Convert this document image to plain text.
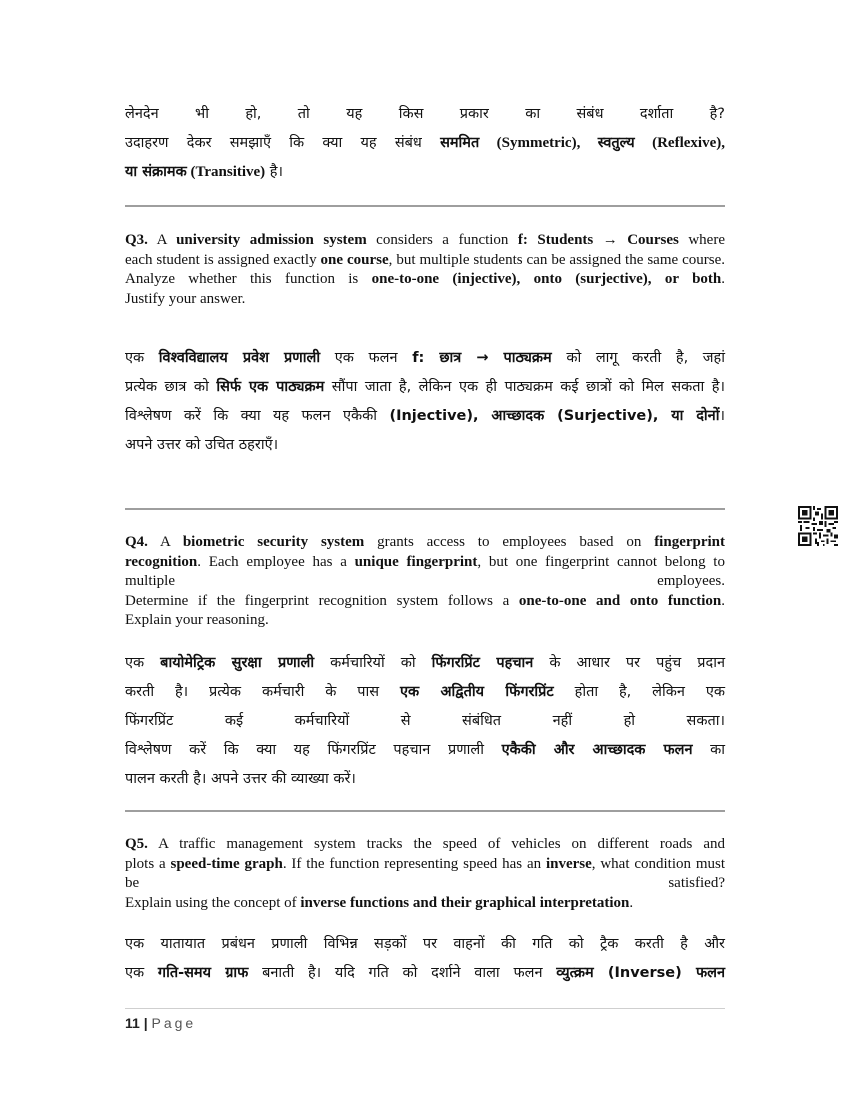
लेनदेन भी हो, तो यह किस प्रकार का संबंध दर्शाता है?
उदाहरण देकर समझाएँ कि क्या यह संबंध सममित (Symmetric), स्वतुल्य (Reflexive),
या संक्रामक (Transitive) है।
Q3. A university admission system considers a function f: Students → Courses where
each student is assigned exactly one course, but multiple students can be assigned the same course.
Analyze whether this function is one-to-one (injective), onto (surjective), or both.
Justify your answer.
एक विश्वविद्यालय प्रवेश प्रणाली एक फलन f: छात्र → पाठ्यक्रम को लागू करती है, जहां
प्रत्येक छात्र को सिर्फ एक पाठ्यक्रम सौंपा जाता है, लेकिन एक ही पाठ्यक्रम कई छात्रों को मिल सकता है।
विश्लेषण करें कि क्या यह फलन एकैकी (Injective), आच्छादक (Surjective), या दोनों।
अपने उत्तर को उचित ठहराएँ।
Q4. A biometric security system grants access to employees based on fingerprint
recognition. Each employee has a unique fingerprint, but one fingerprint cannot belong to multiple employees.
Determine if the fingerprint recognition system follows a one-to-one and onto function.
Explain your reasoning.
एक बायोमेट्रिक सुरक्षा प्रणाली कर्मचारियों को फिंगरप्रिंट पहचान के आधार पर पहुंच प्रदान
करती है। प्रत्येक कर्मचारी के पास एक अद्वितीय फिंगरप्रिंट होता है, लेकिन एक
फिंगरप्रिंट कई कर्मचारियों से संबंधित नहीं हो सकता।
विश्लेषण करें कि क्या यह फिंगरप्रिंट पहचान प्रणाली एकैकी और आच्छादक फलन का
पालन करती है। अपने उत्तर की व्याख्या करें।
Q5. A traffic management system tracks the speed of vehicles on different roads and
plots a speed-time graph. If the function representing speed has an inverse, what condition must be satisfied?
Explain using the concept of inverse functions and their graphical interpretation.
एक यातायात प्रबंधन प्रणाली विभिन्न सड़कों पर वाहनों की गति को ट्रैक करती है और
एक गति-समय ग्राफ बनाती है। यदि गति को दर्शाने वाला फलन व्युत्क्रम (Inverse) फलन
11 | Page
